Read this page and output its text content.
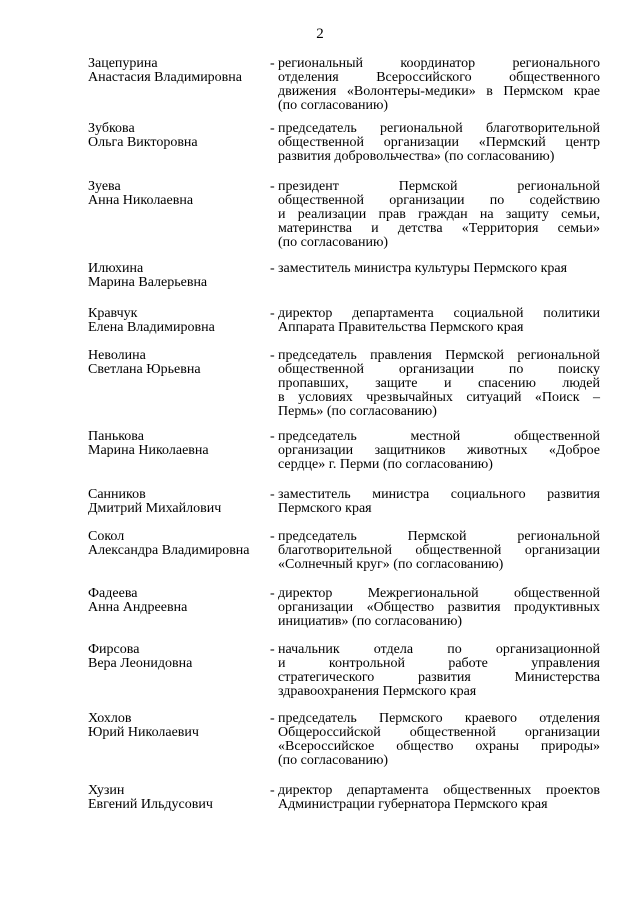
2
Зацепурина
Анастасия Владимировна
- региональный координатор регионального
отделения Всероссийского общественного
движения «Волонтеры-медики» в Пермском крае
(по согласованию)
Зубкова
Ольга Викторовна
- председатель региональной благотворительной
общественной организации «Пермский центр
развития добровольчества» (по согласованию)
Зуева
Анна Николаевна
- президент Пермской региональной
общественной организации по содействию
и реализации прав граждан на защиту семьи,
материнства и детства «Территория семьи»
(по согласованию)
Илюхина
Марина Валерьевна
- заместитель министра культуры Пермского края
Кравчук
Елена Владимировна
- директор департамента социальной политики
Аппарата Правительства Пермского края
Неволина
Светлана Юрьевна
- председатель правления Пермской региональной
общественной организации по поиску
пропавших, защите и спасению людей
в условиях чрезвычайных ситуаций «Поиск –
Пермь» (по согласованию)
Панькова
Марина Николаевна
- председатель местной общественной
организации защитников животных «Доброе
сердце» г. Перми (по согласованию)
Санников
Дмитрий Михайлович
- заместитель министра социального развития
Пермского края
Сокол
Александра Владимировна
- председатель Пермской региональной
благотворительной общественной организации
«Солнечный круг» (по согласованию)
Фадеева
Анна Андреевна
- директор Межрегиональной общественной
организации «Общество развития продуктивных
инициатив» (по согласованию)
Фирсова
Вера Леонидовна
- начальник отдела по организационной
и контрольной работе управления
стратегического развития Министерства
здравоохранения Пермского края
Хохлов
Юрий Николаевич
- председатель Пермского краевого отделения
Общероссийской общественной организации
«Всероссийское общество охраны природы»
(по согласованию)
Хузин
Евгений Ильдусович
- директор департамента общественных проектов
Администрации губернатора Пермского края
